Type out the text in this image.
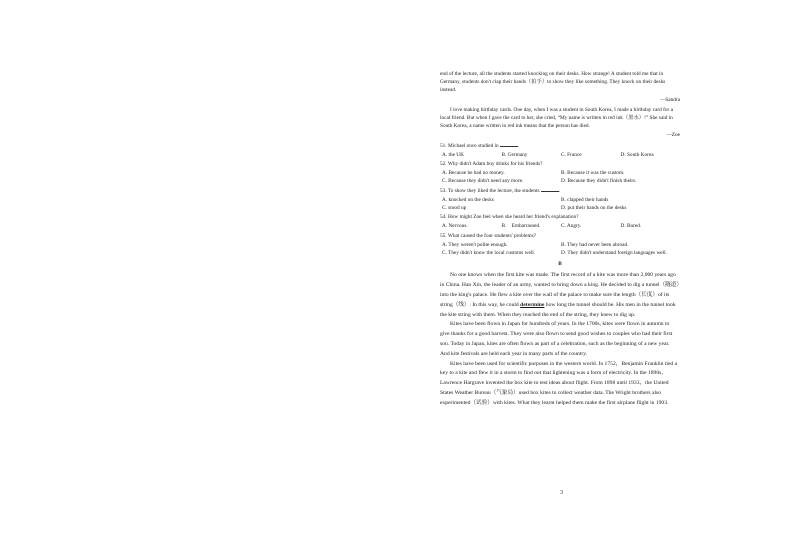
end of the lecture, all the students started knocking on their desks. How strange! A student told me that in Germany, students don't clap their hands（拍手）to show they like something. They knock on their desks instead.

—Sandra

I love making birthday cards. One day, when I was a student in South Korea, I made a birthday card for a local friend. But when I gave the card to her, she cried, “My name is written in red ink（墨水）!” She said in South Korea, a name written in red ink means that the person has died.

—Zoe

51. Michael once studied in	.

A. the UK	B. Germany	C. France	D. South Korea

52. Why didn't Adam buy drinks for his friends?

A. Because he had no money.	B. Because it was the custom.
C. Because they didn't need any more.	D. Because they didn't finish theirs.

53. To show they liked the lecture, the students	.

A. knocked on the desks	B. clapped their hands
C. stood up	D. put their hands on the desks

54. How might Zoe feel when she heard her friend's explanation?

A. Nervous.	B.　Embarrassed.	C. Angry.	D. Bored.

55. What caused the four students' problems?

A. They weren't polite enough.	B. They had never been abroad.
C. They didn't know the local customs well.	D. They didn't understand foreign languages well.
B

No one knows when the first kite was made. The first record of a kite was more than 2,000 years ago in China. Han Xin, the leader of an army, wanted to bring down a king. He decided to dig a tunnel（隧道）into the king's palace. He flew a kite over the wall of the palace to make sure the length（长度）of its string（线）. In this way, he could determine how long the tunnel should be. His men in the tunnel took the kite string with them. When they reached the end of the string, they knew to dig up.

Kites have been flown in Japan for hundreds of years. In the 1700s, kites were flown in autumn to give thanks for a good harvest. They were also flown to send good wishes to couples who had their first son. Today in Japan, kites are often flown as part of a celebration, such as the beginning of a new year. And kite festivals are held each year in many parts of the country.

Kites have been used for scientific purposes in the western world. In 1752，Benjamin Franklin tied a key to a kite and flew it in a storm to find out that lightening was a form of electricity. In the 1890s，Lawrence Hargrave invented the box kite to test ideas about flight. From 1898 until 1933，the United States Weather Bureau（气象局）used box kites to collect weather data. The Wright brothers also experimented（试验）with kites. What they learnt helped them make the first airplane flight in 1903.

3
